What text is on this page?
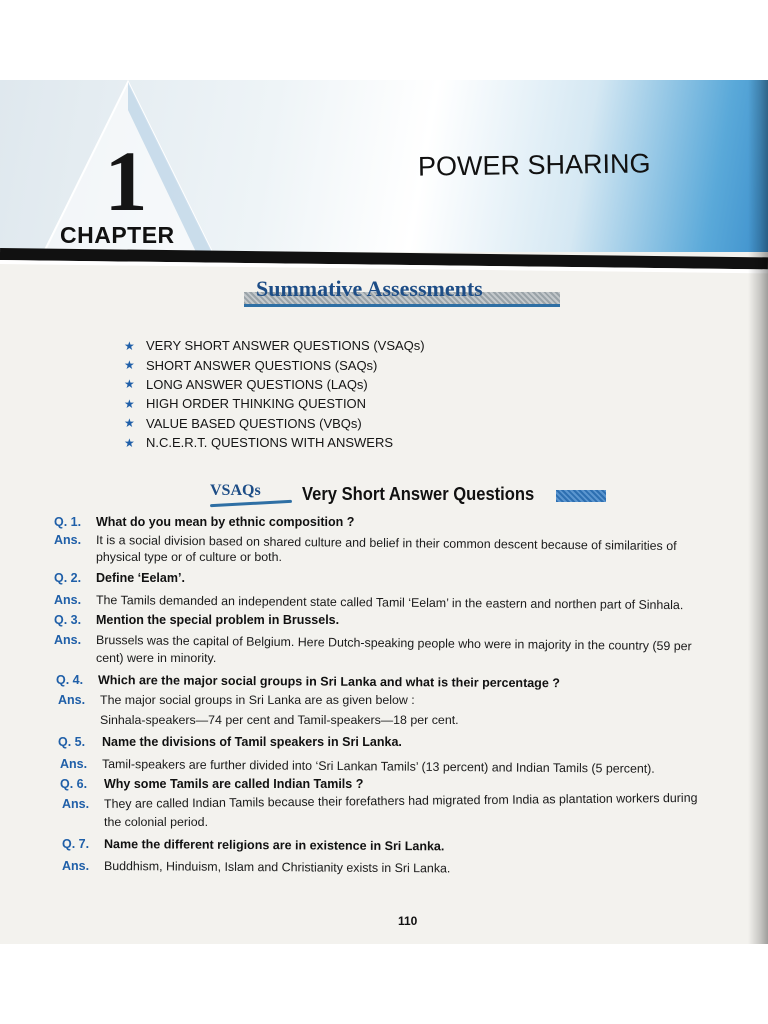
1
CHAPTER
POWER SHARING
Summative Assessments
★ VERY SHORT ANSWER QUESTIONS (VSAQs)
★ SHORT ANSWER QUESTIONS (SAQs)
★ LONG ANSWER QUESTIONS (LAQs)
★ HIGH ORDER THINKING QUESTION
★ VALUE BASED QUESTIONS (VBQs)
★ N.C.E.R.T. QUESTIONS WITH ANSWERS
VSAQs Very Short Answer Questions
Q. 1. What do you mean by ethnic composition ?
Ans. It is a social division based on shared culture and belief in their common descent because of similarities of
physical type or of culture or both.
Q. 2. Define ‘Eelam’.
Ans. The Tamils demanded an independent state called Tamil ‘Eelam’ in the eastern and northen part of Sinhala.
Q. 3. Mention the special problem in Brussels.
Ans. Brussels was the capital of Belgium. Here Dutch-speaking people who were in majority in the country (59 per
cent) were in minority.
Q. 4. Which are the major social groups in Sri Lanka and what is their percentage ?
Ans. The major social groups in Sri Lanka are as given below :
Sinhala-speakers—74 per cent and Tamil-speakers—18 per cent.
Q. 5. Name the divisions of Tamil speakers in Sri Lanka.
Ans. Tamil-speakers are further divided into ‘Sri Lankan Tamils’ (13 percent) and Indian Tamils (5 percent).
Q. 6. Why some Tamils are called Indian Tamils ?
Ans. They are called Indian Tamils because their forefathers had migrated from India as plantation workers during
the colonial period.
Q. 7. Name the different religions are in existence in Sri Lanka.
Ans. Buddhism, Hinduism, Islam and Christianity exists in Sri Lanka.
110
